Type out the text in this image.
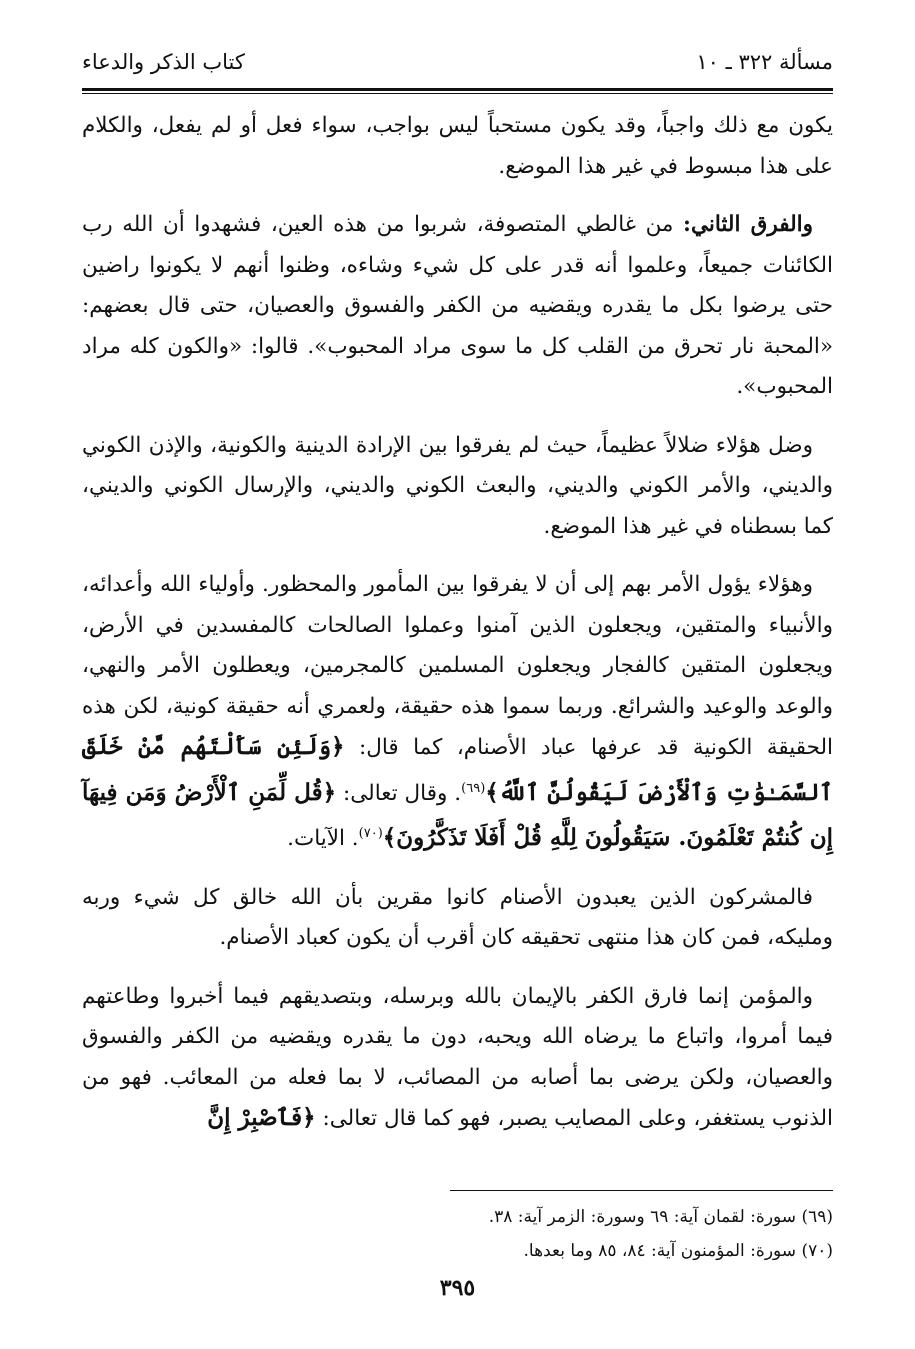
مسألة ٣٢٢ ـ ١٠
كتاب الذكر والدعاء

يكون مع ذلك واجباً، وقد يكون مستحباً ليس بواجب، سواء فعل أو لم يفعل، والكلام على هذا مبسوط في غير هذا الموضع.

والفرق الثاني: من غالطي المتصوفة، شربوا من هذه العين، فشهدوا أن الله رب الكائنات جميعاً، وعلموا أنه قدر على كل شيء وشاءه، وظنوا أنهم لا يكونوا راضين حتى يرضوا بكل ما يقدره ويقضيه من الكفر والفسوق والعصيان، حتى قال بعضهم: «المحبة نار تحرق من القلب كل ما سوى مراد المحبوب». قالوا: «والكون كله مراد المحبوب».

وضل هؤلاء ضلالاً عظيماً، حيث لم يفرقوا بين الإرادة الدينية والكونية، والإذن الكوني والديني، والأمر الكوني والديني، والبعث الكوني والديني، والإرسال الكوني والديني، كما بسطناه في غير هذا الموضع.

وهؤلاء يؤول الأمر بهم إلى أن لا يفرقوا بين المأمور والمحظور. وأولياء الله وأعدائه، والأنبياء والمتقين، ويجعلون الذين آمنوا وعملوا الصالحات كالمفسدين في الأرض، ويجعلون المتقين كالفجار ويجعلون المسلمين كالمجرمين، ويعطلون الأمر والنهي، والوعد والوعيد والشرائع. وربما سموا هذه حقيقة، ولعمري أنه حقيقة كونية، لكن هذه الحقيقة الكونية قد عرفها عباد الأصنام، كما قال: ﴿وَلَئِن سَأَلْتَهُم مَّنْ خَلَقَ ٱلسَّمَـٰوَٰتِ وَٱلْأَرْضَ لَيَقُولُنَّ ٱللَّهُ﴾$^{(٦٩)}$. وقال تعالى: ﴿قُل لِّمَنِ ٱلْأَرْضُ وَمَن فِيهَآ إِن كُنتُمْ تَعْلَمُونَ. سَيَقُولُونَ لِلَّهِ قُلْ أَفَلَا تَذَكَّرُونَ﴾$^{(٧٠)}$. الآيات.

فالمشركون الذين يعبدون الأصنام كانوا مقرين بأن الله خالق كل شيء وربه ومليكه، فمن كان هذا منتهى تحقيقه كان أقرب أن يكون كعباد الأصنام.

والمؤمن إنما فارق الكفر بالإيمان بالله وبرسله، وبتصديقهم فيما أخبروا وطاعتهم فيما أمروا، واتباع ما يرضاه الله ويحبه، دون ما يقدره ويقضيه من الكفر والفسوق والعصيان، ولكن يرضى بما أصابه من المصائب، لا بما فعله من المعائب. فهو من الذنوب يستغفر، وعلى المصايب يصبر، فهو كما قال تعالى: ﴿فَٱصْبِرْ إِنَّ

(٦٩) سورة: لقمان آية: ٦٩ وسورة: الزمر آية: ٣٨.
(٧٠) سورة: المؤمنون آية: ٨٤، ٨٥ وما بعدها.
٣٩٥
